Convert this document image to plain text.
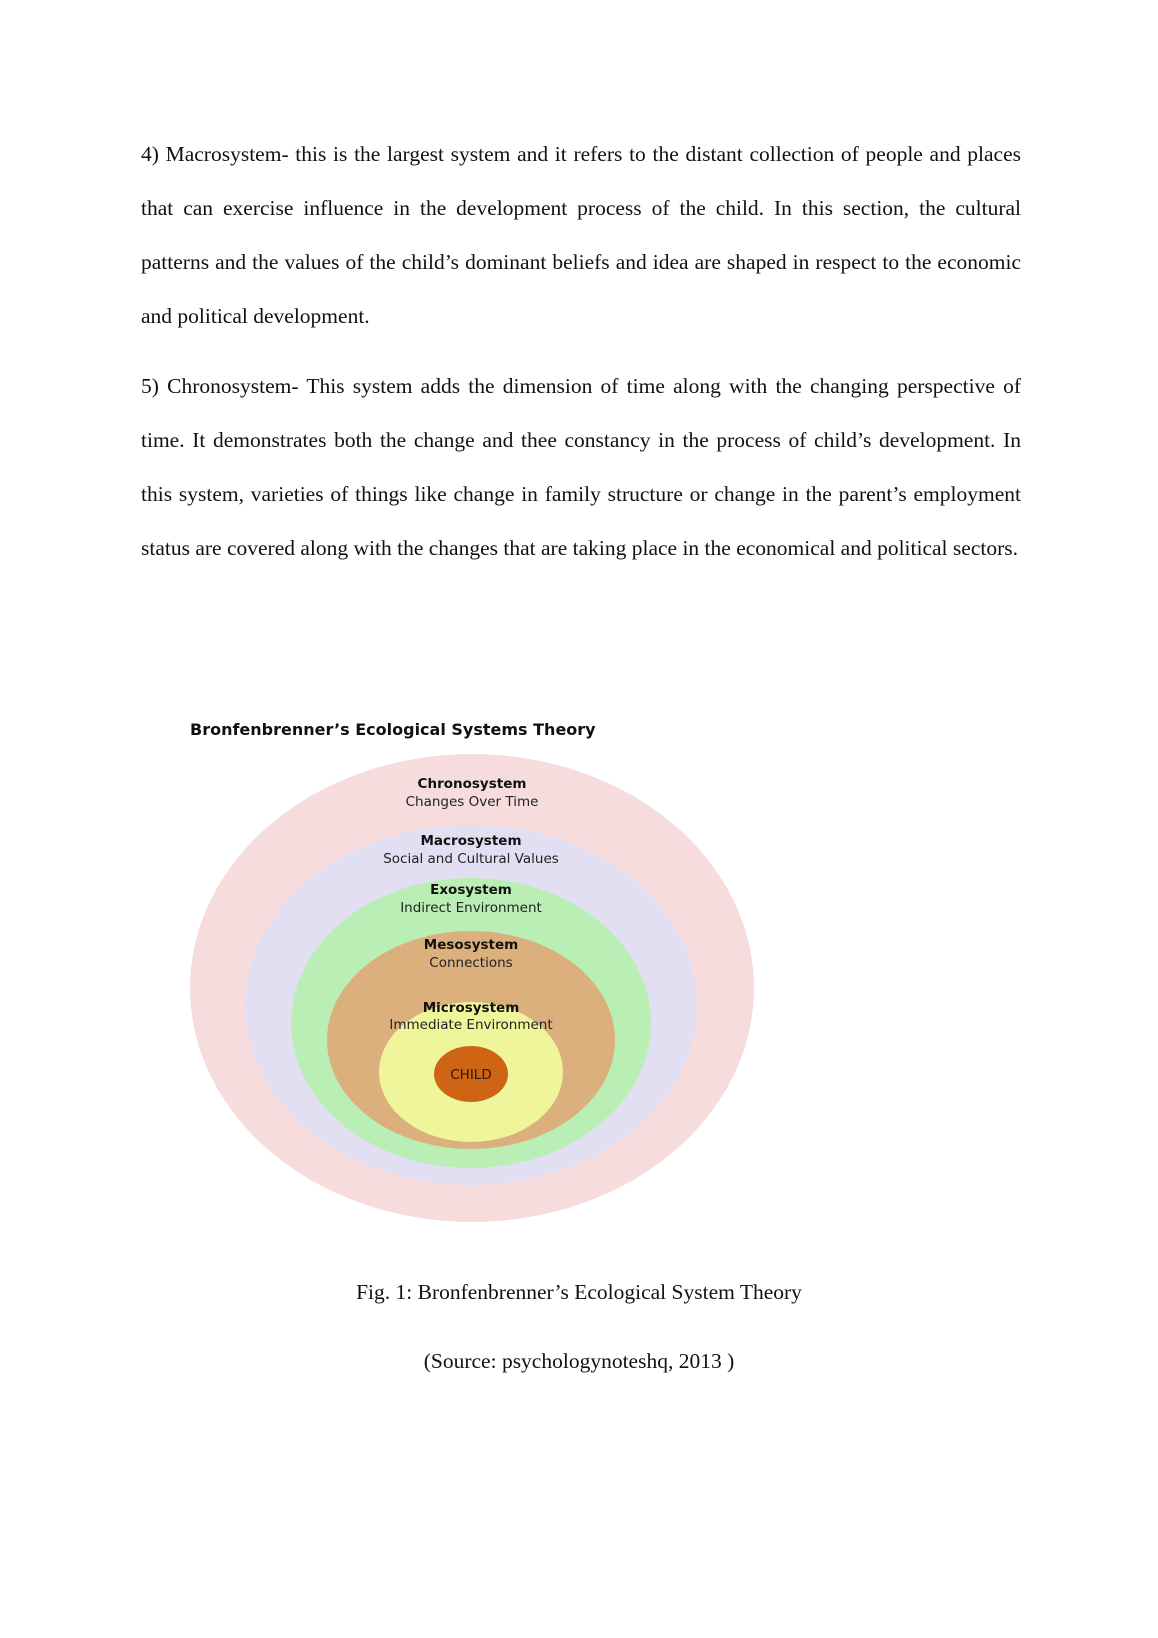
4) Macrosystem- this is the largest system and it refers to the distant collection of people and places that can exercise influence in the development process of the child. In this section, the cultural patterns and the values of the child’s dominant beliefs and idea are shaped in respect to the economic and political development.

5) Chronosystem- This system adds the dimension of time along with the changing perspective of time. It demonstrates both the change and thee constancy in the process of child’s development. In this system, varieties of things like change in family structure or change in the parent’s employment status are covered along with the changes that are taking place in the economical and political sectors.

Bronfenbrenner’s Ecological Systems Theory
Chronosystem
Changes Over Time
Macrosystem
Social and Cultural Values
Exosystem
Indirect Environment
Mesosystem
Connections
Microsystem
Immediate Environment
CHILD

Fig. 1: Bronfenbrenner’s Ecological System Theory

(Source: psychologynoteshq, 2013 )
